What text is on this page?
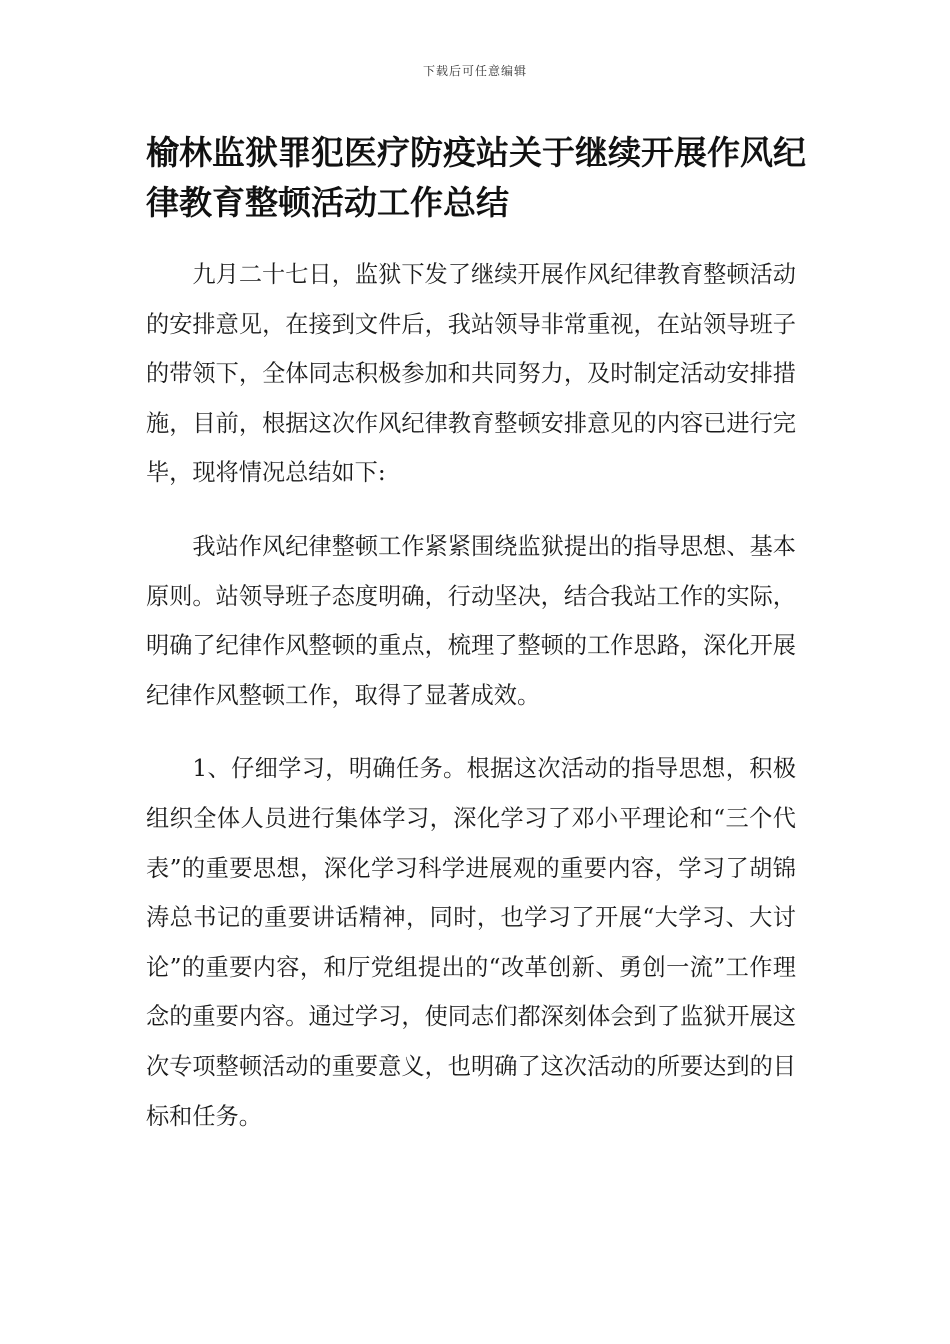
下载后可任意编辑
榆林监狱罪犯医疗防疫站关于继续开展作风纪律教育整顿活动工作总结

九月二十七日，监狱下发了继续开展作风纪律教育整顿活动的安排意见，在接到文件后，我站领导非常重视，在站领导班子的带领下，全体同志积极参加和共同努力，及时制定活动安排措施，目前，根据这次作风纪律教育整顿安排意见的内容已进行完毕，现将情况总结如下:

我站作风纪律整顿工作紧紧围绕监狱提出的指导思想、基本原则。站领导班子态度明确，行动坚决，结合我站工作的实际，明确了纪律作风整顿的重点，梳理了整顿的工作思路，深化开展纪律作风整顿工作，取得了显著成效。

1、仔细学习，明确任务。根据这次活动的指导思想，积极组织全体人员进行集体学习，深化学习了邓小平理论和“三个代表”的重要思想，深化学习科学进展观的重要内容，学习了胡锦涛总书记的重要讲话精神，同时，也学习了开展“大学习、大讨论”的重要内容，和厅党组提出的“改革创新、勇创一流”工作理念的重要内容。通过学习，使同志们都深刻体会到了监狱开展这次专项整顿活动的重要意义，也明确了这次活动的所要达到的目标和任务。
